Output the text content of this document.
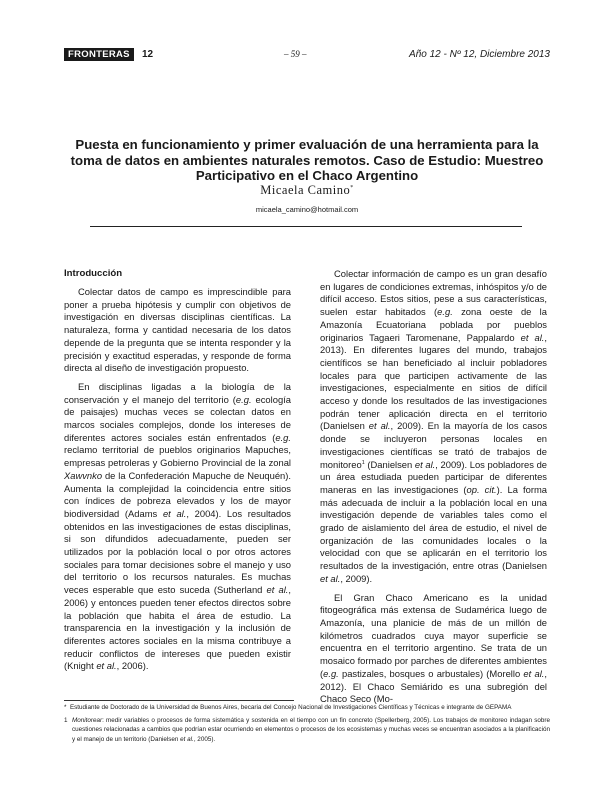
FRONTERAS	12	– 59 –	Año 12 - Nº 12, Diciembre 2013
Puesta en funcionamiento y primer evaluación de una herramienta para la toma de datos en ambientes naturales remotos. Caso de Estudio: Muestreo Participativo en el Chaco Argentino
Micaela Camino*
micaela_camino@hotmail.com
Introducción

Colectar datos de campo es imprescindible para poner a prueba hipótesis y cumplir con objetivos de investigación en diversas disciplinas científicas. La naturaleza, forma y cantidad necesaria de los datos depende de la pregunta que se intenta responder y la precisión y exactitud esperadas, y responde de forma directa al diseño de investigación propuesto.

En disciplinas ligadas a la biología de la conservación y el manejo del territorio (e.g. ecología de paisajes) muchas veces se colectan datos en marcos sociales complejos, donde los intereses de diferentes actores sociales están enfrentados (e.g. reclamo territorial de pueblos originarios Mapuches, empresas petroleras y Gobierno Provincial de la zonal Xawvnko de la Confederación Mapuche de Neuquén). Aumenta la complejidad la coincidencia entre sitios con índices de pobreza elevados y los de mayor biodiversidad (Adams et al., 2004). Los resultados obtenidos en las investigaciones de estas disciplinas, si son difundidos adecuadamente, pueden ser utilizados por la población local o por otros actores sociales para tomar decisiones sobre el manejo y uso del territorio o los recursos naturales. Es muchas veces esperable que esto suceda (Sutherland et al., 2006) y entonces pueden tener efectos directos sobre la población que habita el área de estudio. La transparencia en la investigación y la inclusión de diferentes actores sociales en la misma contribuye a reducir conflictos de intereses que pueden existir (Knight et al., 2006).

Colectar información de campo es un gran desafío en lugares de condiciones extremas, inhóspitos y/o de difícil acceso. Estos sitios, pese a sus características, suelen estar habitados (e.g. zona oeste de la Amazonía Ecuatoriana poblada por pueblos originarios Tagaeri Taromenane, Pappalardo et al., 2013). En diferentes lugares del mundo, trabajos científicos se han beneficiado al incluir pobladores locales para que participen activamente de las investigaciones, especialmente en sitios de difícil acceso y donde los resultados de las investigaciones podrán tener aplicación directa en el territorio (Danielsen et al., 2009). En la mayoría de los casos donde se incluyeron personas locales en investigaciones científicas se trató de trabajos de monitoreo$^1$ (Danielsen et al., 2009). Los pobladores de un área estudiada pueden participar de diferentes maneras en las investigaciones (op. cit.). La forma más adecuada de incluir a la población local en una investigación depende de variables tales como el grado de aislamiento del área de estudio, el nivel de organización de las comunidades locales o la velocidad con que se aplicarán en el territorio los resultados de la investigación, entre otras (Danielsen et al., 2009).

El Gran Chaco Americano es la unidad fitogeográfica más extensa de Sudamérica luego de Amazonía, una planicie de más de un millón de kilómetros cuadrados cuya mayor superficie se encuentra en el territorio argentino. Se trata de un mosaico formado por parches de diferentes ambientes (e.g. pastizales, bosques o arbustales) (Morello et al., 2012). El Chaco Semiárido es una subregión del Chaco Seco (Mo-

* Estudiante de Doctorado de la Universidad de Buenos Aires, becaria del Concejo Nacional de Investigaciones Científicas y Técnicas e integrante de GEPAMA

1 Monitorear: medir variables o procesos de forma sistemática y sostenida en el tiempo con un fin concreto (Spellerberg, 2005). Los trabajos de monitoreo indagan sobre cuestiones relacionadas a cambios que podrían estar ocurriendo en elementos o procesos de los ecosistemas y muchas veces se encuentran asociados a la planificación y el manejo de un territorio (Danielsen et al., 2005).
